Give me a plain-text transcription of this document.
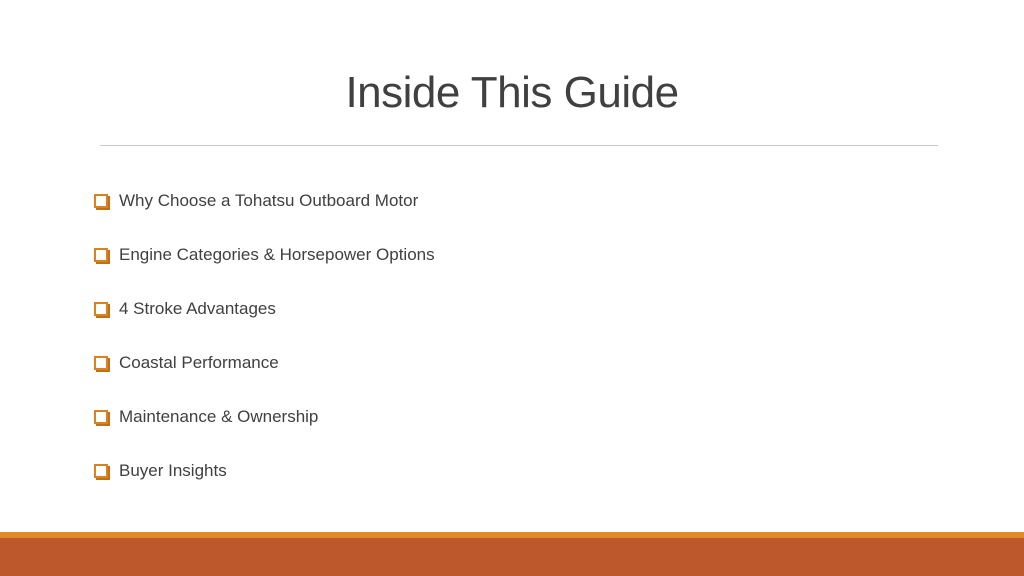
Inside This Guide
Why Choose a Tohatsu Outboard Motor
Engine Categories & Horsepower Options
4 Stroke Advantages
Coastal Performance
Maintenance & Ownership
Buyer Insights
